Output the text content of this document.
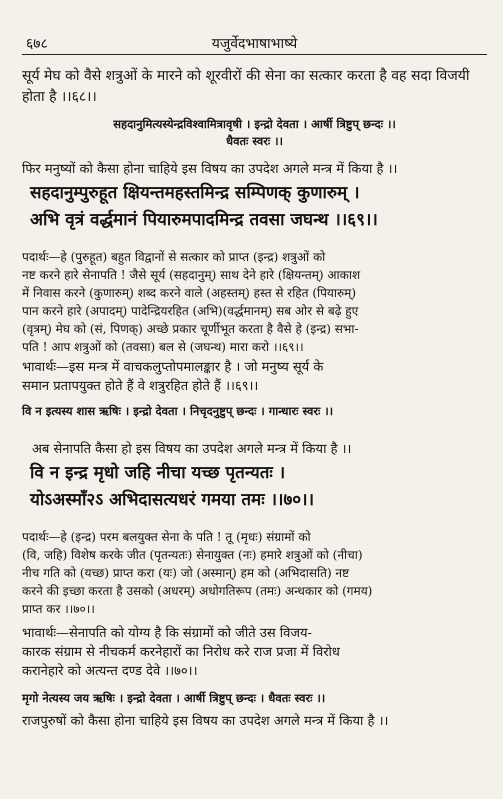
६७८	यजुर्वेदभाषाभाष्ये

सूर्य मेघ को वैसे शत्रुओं के मारने को शूरवीरों की सेना का सत्कार करता है वह सदा विजयी होता है ।।६८।।

सहदानुमित्यस्येन्द्रविश्वामित्रावृषी । इन्द्रो देवता । आर्षी त्रिष्टुप् छन्दः ।।
धैवतः स्वरः ।।

फिर मनुष्यों को कैसा होना चाहिये इस विषय का उपदेश अगले मन्त्र में किया है ।।

सहदानुम्पुरुहूत क्षियन्तमहस्तमिन्द्र सम्पिणक् कुणारुम् ।
अभि वृत्रं वर्द्धमानं पियारुमपादमिन्द्र तवसा जघन्थ ।।६९।।
पदार्थः—हे (पुरुहूत) बहुत विद्वानों से सत्कार को प्राप्त (इन्द्र) शत्रुओं को
नष्ट करने हारे सेनापति ! जैसे सूर्य (सहदानुम्) साथ देने हारे (क्षियन्तम्) आकाश
में निवास करने (कुणारुम्) शब्द करने वाले (अहस्तम्) हस्त से रहित (पियारुम्)
पान करने हारे (अपादम्) पादेन्द्रियरहित (अभि)(वर्द्धमानम्) सब ओर से बढ़े हुए
(वृत्रम्) मेघ को (सं, पिणक्) अच्छे प्रकार चूर्णीभूत करता है वैसे हे (इन्द्र) सभा-
पति ! आप शत्रुओं को (तवसा) बल से (जघन्थ) मारा करो ।।६९।।
भावार्थः—इस मन्त्र में वाचकलुप्तोपमालङ्कार है । जो मनुष्य सूर्य के
समान प्रतापयुक्त होते हैं वे शत्रुरहित होते हैं ।।६९।।
वि न इत्यस्य शास ऋषिः । इन्द्रो देवता । निचृदनुष्टुप् छन्दः । गान्धारः स्वरः ।।

अब सेनापति कैसा हो इस विषय का उपदेश अगले मन्त्र में किया है ।।

वि न इन्द्र मृधो जहि नीचा यच्छ पृतन्यतः ।
योऽअस्माँ२ऽ अभिदासत्यधरं गमया तमः ।।७०।।
पदार्थः—हे (इन्द्र) परम बलयुक्त सेना के पति ! तू (मृधः) संग्रामों को
(वि, जहि) विशेष करके जीत (पृतन्यतः) सेनायुक्त (नः) हमारे शत्रुओं को (नीचा)
नीच गति को (यच्छ) प्राप्त करा (यः) जो (अस्मान्) हम को (अभिदासति) नष्ट
करने की इच्छा करता है उसको (अधरम्) अधोगतिरूप (तमः) अन्धकार को (गमय)
प्राप्त कर ।।७०।।
भावार्थः—सेनापति को योग्य है कि संग्रामों को जीते उस विजय-
कारक संग्राम से नीचकर्म करनेहारों का निरोध करे राज प्रजा में विरोध
करानेहारे को अत्यन्त दण्ड देवे ।।७०।।
मृगो नेत्यस्य जय ऋषिः । इन्द्रो देवता । आर्षी त्रिष्टुप् छन्दः । धैवतः स्वरः ।।

राजपुरुषों को कैसा होना चाहिये इस विषय का उपदेश अगले मन्त्र में किया है ।।
